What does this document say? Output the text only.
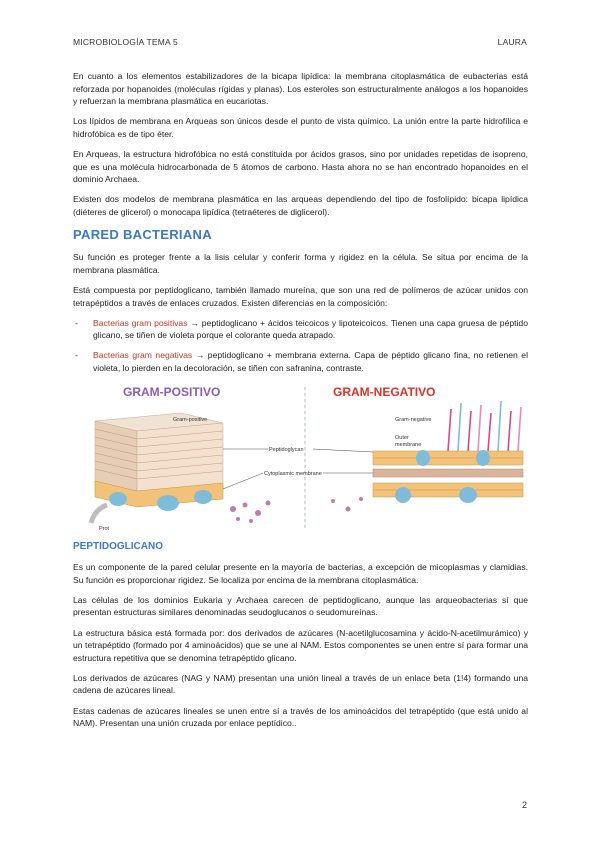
MICROBIOLOGÍA TEMA 5	LAURA

En cuanto a los elementos estabilizadores de la bicapa lipídica: la membrana citoplasmática de eubacterias está reforzada por hopanoides (moléculas rígidas y planas). Los esteroles son estructuralmente análogos a los hopanoides y refuerzan la membrana plasmática en eucariotas.

Los lípidos de membrana en Arqueas son únicos desde el punto de vista químico. La unión entre la parte hidrofílica e hidrofóbica es de tipo éter.

En Arqueas, la estructura hidrofóbica no está constituida por ácidos grasos, sino por unidades repetidas de isopreno, que es una molécula hidrocarbonada de 5 átomos de carbono. Hasta ahora no se han encontrado hopanoides en el dominio Archaea.

Existen dos modelos de membrana plasmática en las arqueas dependiendo del tipo de fosfolípido: bicapa lipídica (diéteres de glicerol) o monocapa lipídica (tetraéteres de diglicerol).

PARED BACTERIANA

Su función es proteger frente a la lisis celular y conferir forma y rigidez en la célula. Se situa por encima de la membrana plasmática.

Está compuesta por peptidoglicano, también llamado mureína, que son una red de polímeros de azúcar unidos con tetrapéptidos a través de enlaces cruzados. Existen diferencias en la composición:

-	Bacterias gram positivas → peptidoglicano + ácidos teicoicos y lipoteicoicos. Tienen una capa gruesa de péptido glicano, se tiñen de violeta porque el colorante queda atrapado.
-	Bacterias gram negativas → peptidoglicano + membrana externa. Capa de péptido glicano fina, no retienen el violeta, lo pierden en la decoloración, se tiñen con safranina, contraste.
GRAM-POSITIVO	GRAM-NEGATIVO
Gram-positive
Prot
Peptidoglycan
Cytoplasmic membrane
Gram-negative
Outer
membrane
PEPTIDOGLICANO

Es un componente de la pared celular presente en la mayoría de bacterias, a excepción de micoplasmas y clamidias. Su función es proporcionar rigidez. Se localiza por encima de la membrana citoplasmática.

Las células de los dominios Eukaria y Archaea carecen de peptidoglicano, aunque las arqueobacterias sí que presentan estructuras similares denominadas seudoglucanos o seudomureínas.

La estructura básica está formada por: dos derivados de azúcares (N-acetilglucosamina y ácido-N-acetilmurámico) y un tetrapéptido (formado por 4 aminoácidos) que se une al NAM. Estos componentes se unen entre sí para formar una estructura repetitiva que se denomina tetrapéptido glicano.

Los derivados de azúcares (NAG y NAM) presentan una unión lineal a través de un enlace beta (1!4) formando una cadena de azúcares lineal.

Estas cadenas de azúcares lineales se unen entre sí a través de los aminoácidos del tetrapéptido (que está unido al NAM). Presentan una unión cruzada por enlace peptídico..

2
